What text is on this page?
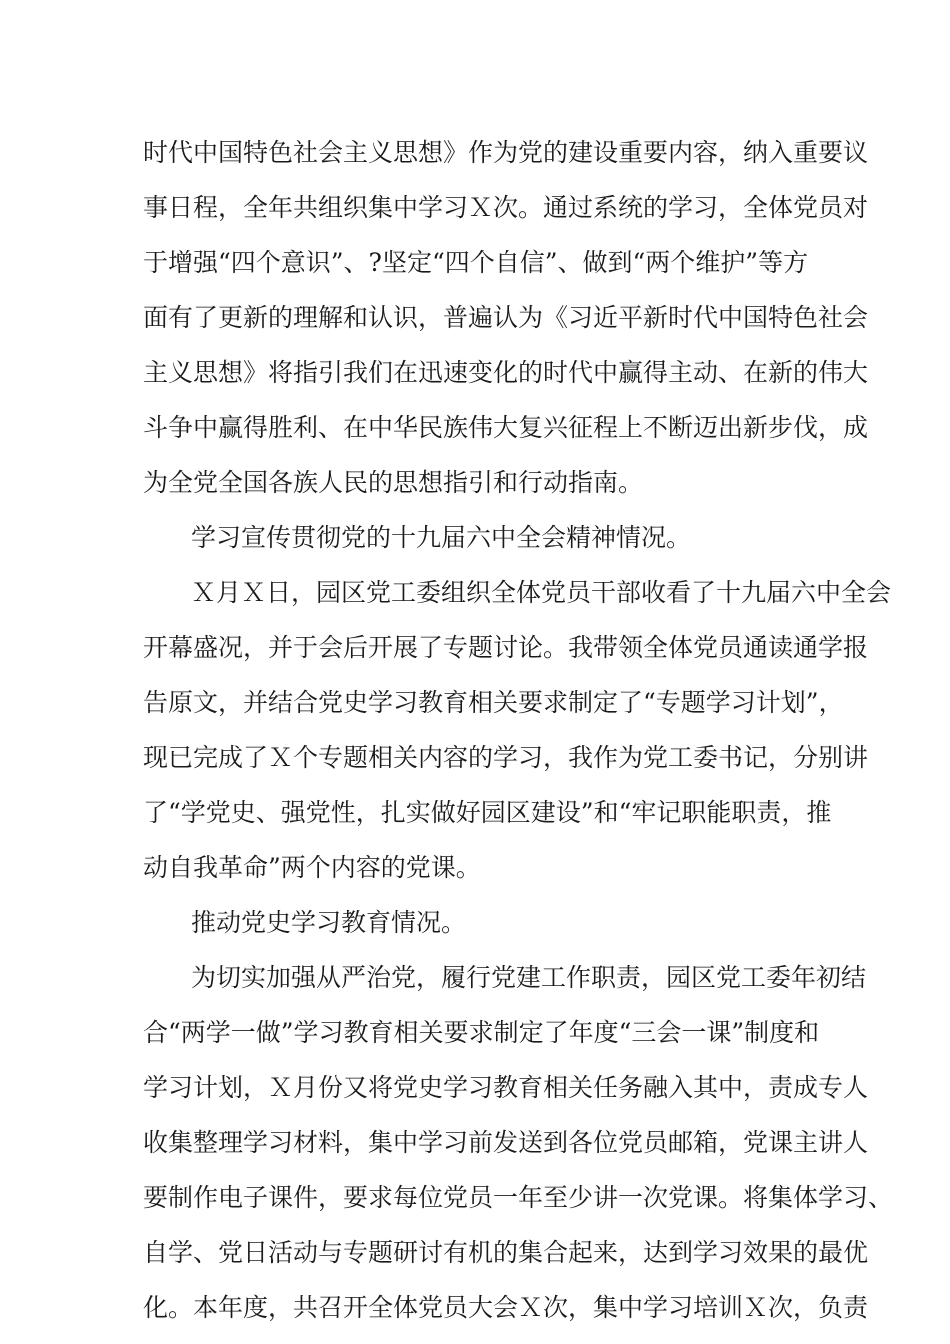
时代中国特色社会主义思想》作为党的建设重要内容，纳入重要议
事日程，全年共组织集中学习Ｘ次。通过系统的学习，全体党员对
于增强“四个意识”、?坚定“四个自信”、做到“两个维护”等方
面有了更新的理解和认识，普遍认为《习近平新时代中国特色社会
主义思想》将指引我们在迅速变化的时代中赢得主动、在新的伟大
斗争中赢得胜利、在中华民族伟大复兴征程上不断迈出新步伐，成
为全党全国各族人民的思想指引和行动指南。
学习宣传贯彻党的十九届六中全会精神情况。
Ｘ月Ｘ日，园区党工委组织全体党员干部收看了十九届六中全会
开幕盛况，并于会后开展了专题讨论。我带领全体党员通读通学报
告原文，并结合党史学习教育相关要求制定了“专题学习计划”，
现已完成了Ｘ个专题相关内容的学习，我作为党工委书记，分别讲
了“学党史、强党性，扎实做好园区建设”和“牢记职能职责，推
动自我革命”两个内容的党课。
推动党史学习教育情况。
为切实加强从严治党，履行党建工作职责，园区党工委年初结
合“两学一做”学习教育相关要求制定了年度“三会一课”制度和
学习计划，Ｘ月份又将党史学习教育相关任务融入其中，责成专人
收集整理学习材料，集中学习前发送到各位党员邮箱，党课主讲人
要制作电子课件，要求每位党员一年至少讲一次党课。将集体学习、
自学、党日活动与专题研讨有机的集合起来，达到学习效果的最优
化。本年度，共召开全体党员大会Ｘ次，集中学习培训Ｘ次，负责
